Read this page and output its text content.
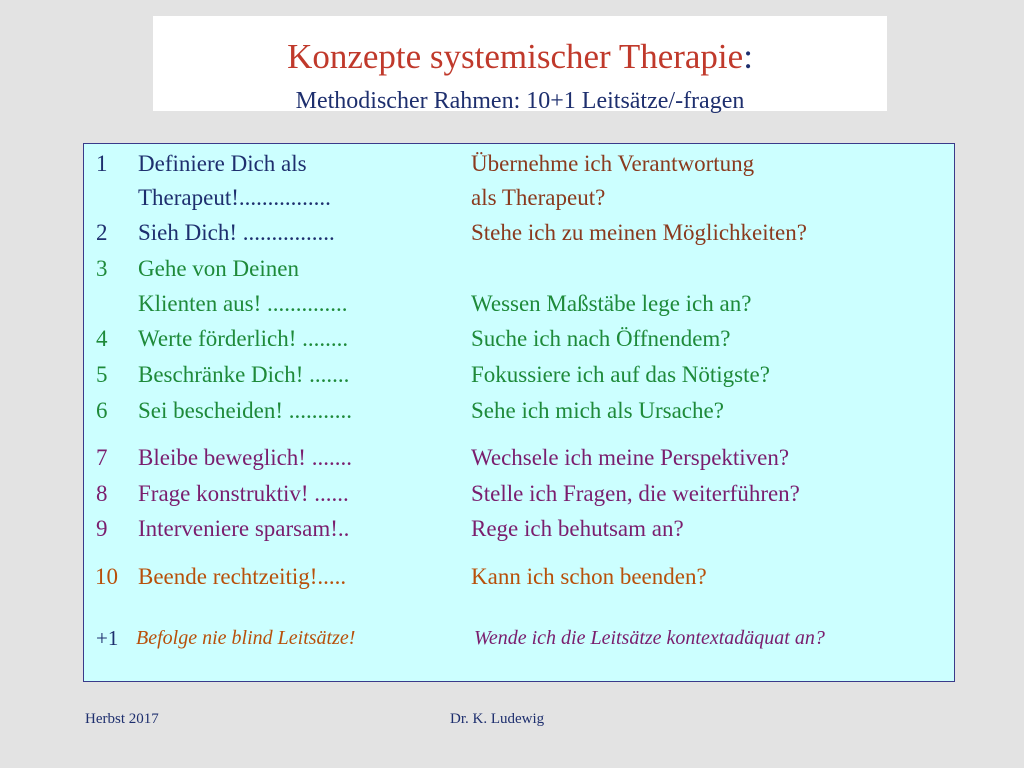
Konzepte systemischer Therapie:
Methodischer Rahmen: 10+1 Leitsätze/-fragen
1 Definiere Dich als	Übernehme ich Verantwortung
Therapeut!................	als Therapeut?
2 Sieh Dich! ................	Stehe ich zu meinen Möglichkeiten?
3 Gehe von Deinen
Klienten aus! ..............	Wessen Maßstäbe lege ich an?
4 Werte förderlich! ........	Suche ich nach Öffnendem?
5 Beschränke Dich! .......	Fokussiere ich auf das Nötigste?
6 Sei bescheiden! ...........	Sehe ich mich als Ursache?
7 Bleibe beweglich! .......	Wechsele ich meine Perspektiven?
8 Frage konstruktiv! ......	Stelle ich Fragen, die weiterführen?
9 Interveniere sparsam!..	Rege ich behutsam an?
10 Beende rechtzeitig!.....	Kann ich schon beenden?
+1 Befolge nie blind Leitsätze!	Wende ich die Leitsätze kontextadäquat an?
Herbst 2017	Dr. K. Ludewig
